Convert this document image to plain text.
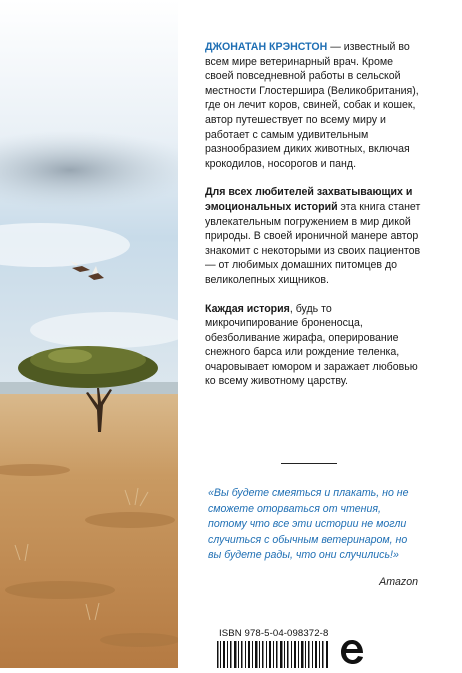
ДЖОНАТАН КРЭНСТОН — известный во всем мире ветеринарный врач. Кроме своей повседневной работы в сельской местности Глостершира (Великобритания), где он лечит коров, свиней, собак и кошек, автор путешествует по всему миру и работает с самым удивительным разнообразием диких животных, включая крокодилов, носорогов и панд.

Для всех любителей захватывающих и эмоциональных историй эта книга станет увлекательным погружением в мир дикой природы. В своей ироничной манере автор знакомит с некоторыми из своих пациентов — от любимых домашних питомцев до великолепных хищников.

Каждая история, будь то микрочипирование броненосца, обезболивание жирафа, оперирование снежного барса или рождение теленка, очаровывает юмором и заражает любовью ко всему животному царству.

«Вы будете смеяться и плакать, но не сможете оторваться от чтения, потому что все эти истории не могли случиться с обычным ветеринаром, но вы будете рады, что они случились!»
Amazon
ISBN 978-5-04-098372-8
